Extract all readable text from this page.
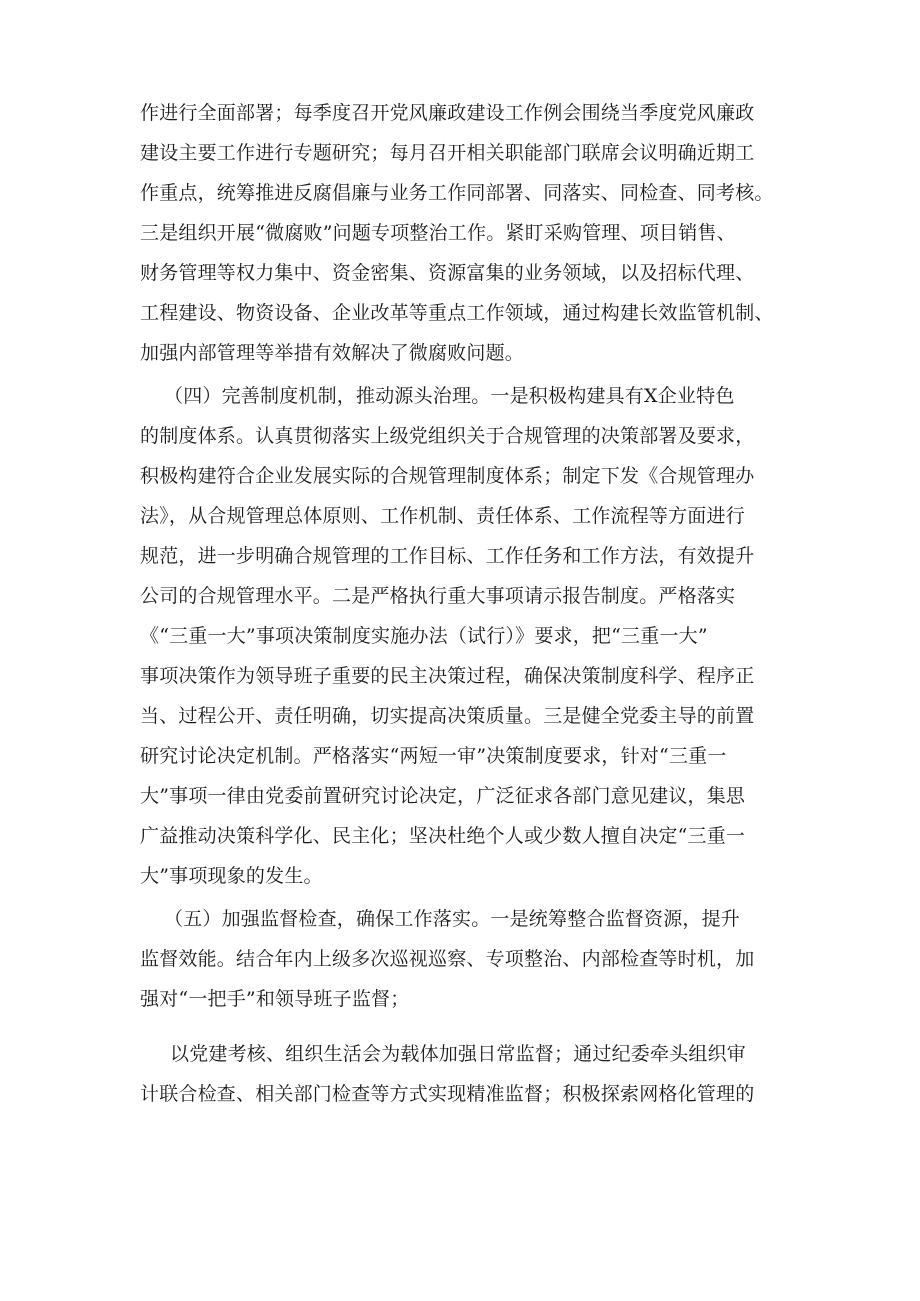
作进行全面部署；每季度召开党风廉政建设工作例会围绕当季度党风廉政
建设主要工作进行专题研究；每月召开相关职能部门联席会议明确近期工
作重点，统筹推进反腐倡廉与业务工作同部署、同落实、同检查、同考核。
三是组织开展“微腐败”问题专项整治工作。紧盯采购管理、项目销售、
财务管理等权力集中、资金密集、资源富集的业务领域，以及招标代理、
工程建设、物资设备、企业改革等重点工作领域，通过构建长效监管机制、
加强内部管理等举措有效解决了微腐败问题。
（四）完善制度机制，推动源头治理。一是积极构建具有X企业特色
的制度体系。认真贯彻落实上级党组织关于合规管理的决策部署及要求，
积极构建符合企业发展实际的合规管理制度体系；制定下发《合规管理办
法》，从合规管理总体原则、工作机制、责任体系、工作流程等方面进行
规范，进一步明确合规管理的工作目标、工作任务和工作方法，有效提升
公司的合规管理水平。二是严格执行重大事项请示报告制度。严格落实
《“三重一大”事项决策制度实施办法（试行）》要求，把“三重一大”
事项决策作为领导班子重要的民主决策过程，确保决策制度科学、程序正
当、过程公开、责任明确，切实提高决策质量。三是健全党委主导的前置
研究讨论决定机制。严格落实“两短一审”决策制度要求，针对“三重一
大”事项一律由党委前置研究讨论决定，广泛征求各部门意见建议，集思
广益推动决策科学化、民主化；坚决杜绝个人或少数人擅自决定“三重一
大”事项现象的发生。
（五）加强监督检查，确保工作落实。一是统筹整合监督资源，提升
监督效能。结合年内上级多次巡视巡察、专项整治、内部检查等时机，加
强对“一把手”和领导班子监督；
以党建考核、组织生活会为载体加强日常监督；通过纪委牵头组织审
计联合检查、相关部门检查等方式实现精准监督；积极探索网格化管理的
